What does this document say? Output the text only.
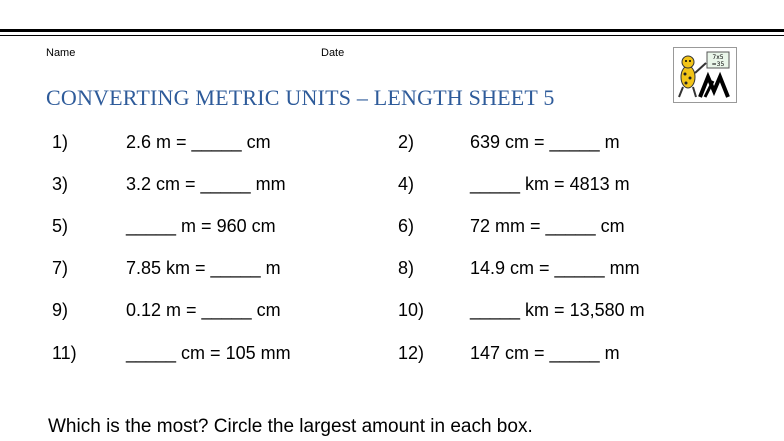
Name	Date
CONVERTING METRIC UNITS – LENGTH SHEET 5
7x5
=35
1)	2.6 m = _____ cm	2)	639 cm = _____ m
3)	3.2 cm = _____ mm	4)	_____ km = 4813 m
5)	_____ m = 960 cm	6)	72 mm = _____ cm
7)	7.85 km = _____ m	8)	14.9 cm = _____ mm
9)	0.12 m = _____ cm	10)	_____ km = 13,580 m
11)	_____ cm = 105 mm	12)	147 cm = _____ m
Which is the most? Circle the largest amount in each box.
